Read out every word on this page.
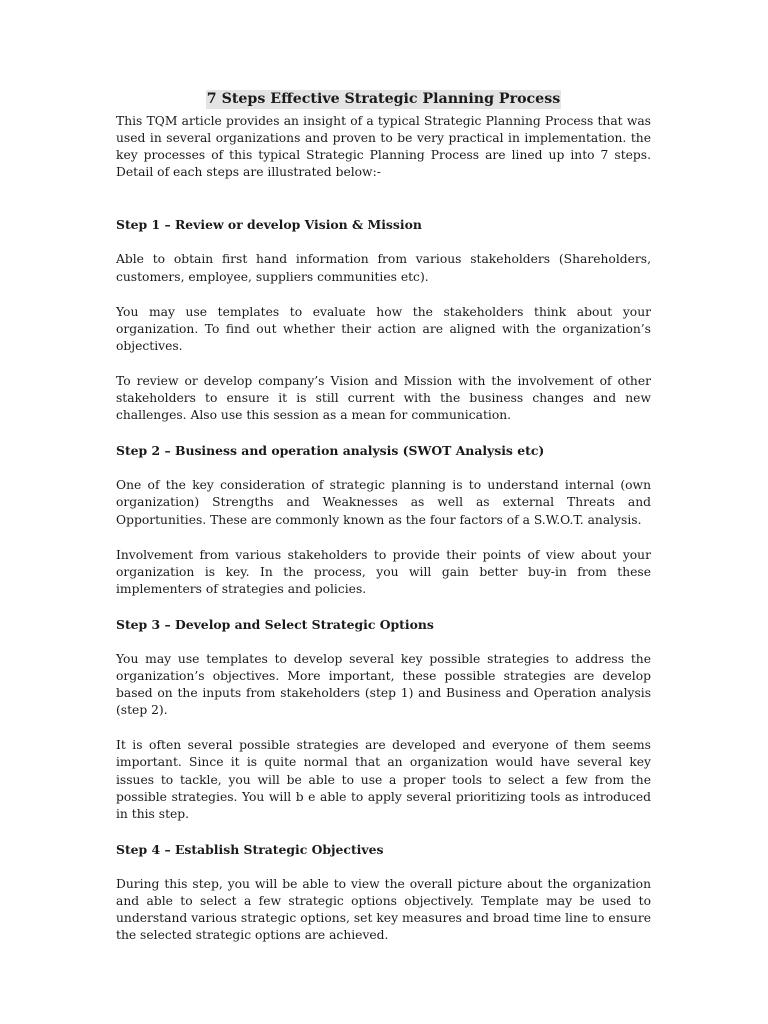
7 Steps Effective Strategic Planning Process

This TQM article provides an insight of a typical Strategic Planning Process that was used in several organizations and proven to be very practical in implementation. the key processes of this typical Strategic Planning Process are lined up into 7 steps. Detail of each steps are illustrated below:-

Step 1 – Review or develop Vision & Mission

Able to obtain first hand information from various stakeholders (Shareholders, customers, employee, suppliers communities etc).

You may use templates to evaluate how the stakeholders think about your organization. To find out whether their action are aligned with the organization’s objectives.

To review or develop company’s Vision and Mission with the involvement of other stakeholders to ensure it is still current with the business changes and new challenges. Also use this session as a mean for communication.

Step 2 – Business and operation analysis (SWOT Analysis etc)

One of the key consideration of strategic planning is to understand internal (own organization) Strengths and Weaknesses as well as external Threats and Opportunities. These are commonly known as the four factors of a S.W.O.T. analysis.

Involvement from various stakeholders to provide their points of view about your organization is key. In the process, you will gain better buy-in from these implementers of strategies and policies.

Step 3 – Develop and Select Strategic Options

You may use templates to develop several key possible strategies to address the organization’s objectives. More important, these possible strategies are develop based on the inputs from stakeholders (step 1) and Business and Operation analysis (step 2).

It is often several possible strategies are developed and everyone of them seems important. Since it is quite normal that an organization would have several key issues to tackle, you will be able to use a proper tools to select a few from the possible strategies. You will b e able to apply several prioritizing tools as introduced in this step.

Step 4 – Establish Strategic Objectives

During this step, you will be able to view the overall picture about the organization and able to select a few strategic options objectively. Template may be used to understand various strategic options, set key measures and broad time line to ensure the selected strategic options are achieved.
